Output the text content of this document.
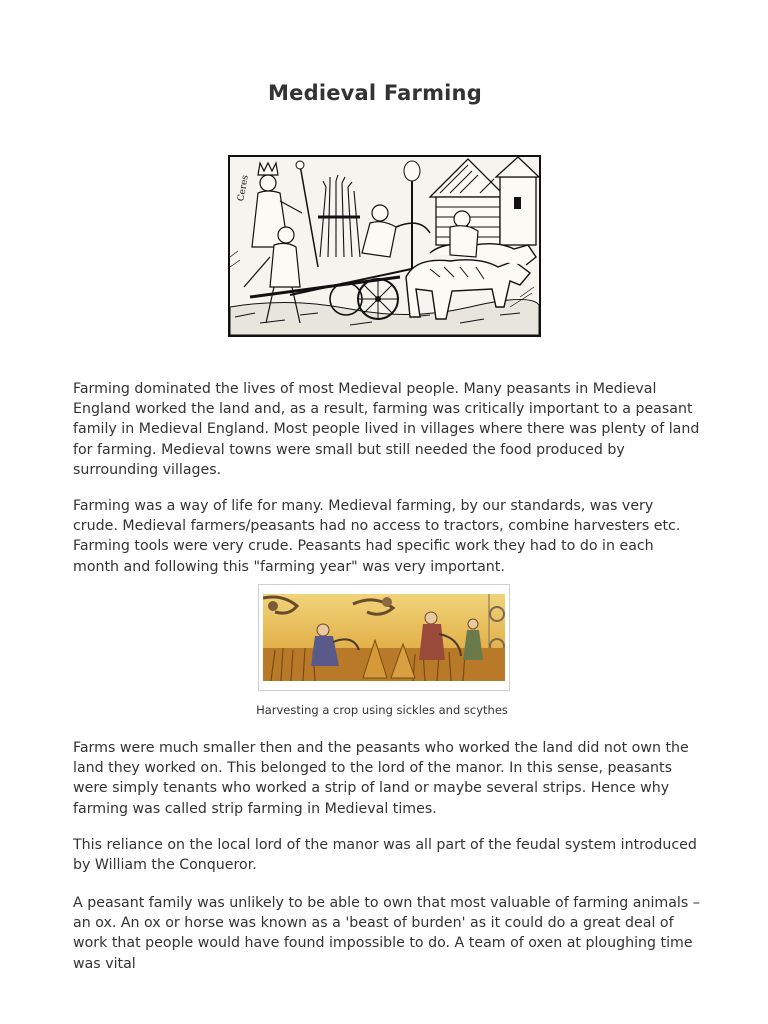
Medieval Farming
Ceres

Farming dominated the lives of most Medieval people. Many peasants in Medieval England worked the land and, as a result, farming was critically important to a peasant family in Medieval England. Most people lived in villages where there was plenty of land for farming. Medieval towns were small but still needed the food produced by surrounding villages.

Farming was a way of life for many. Medieval farming, by our standards, was very crude. Medieval farmers/peasants had no access to tractors, combine harvesters etc. Farming tools were very crude. Peasants had specific work they had to do in each month and following this "farming year" was very important.

Harvesting a crop using sickles and scythes

Farms were much smaller then and the peasants who worked the land did not own the land they worked on. This belonged to the lord of the manor. In this sense, peasants were simply tenants who worked a strip of land or maybe several strips. Hence why farming was called strip farming in Medieval times.

This reliance on the local lord of the manor was all part of the feudal system introduced by William the Conqueror.

A peasant family was unlikely to be able to own that most valuable of farming animals – an ox. An ox or horse was known as a 'beast of burden' as it could do a great deal of work that people would have found impossible to do. A team of oxen at ploughing time was vital
